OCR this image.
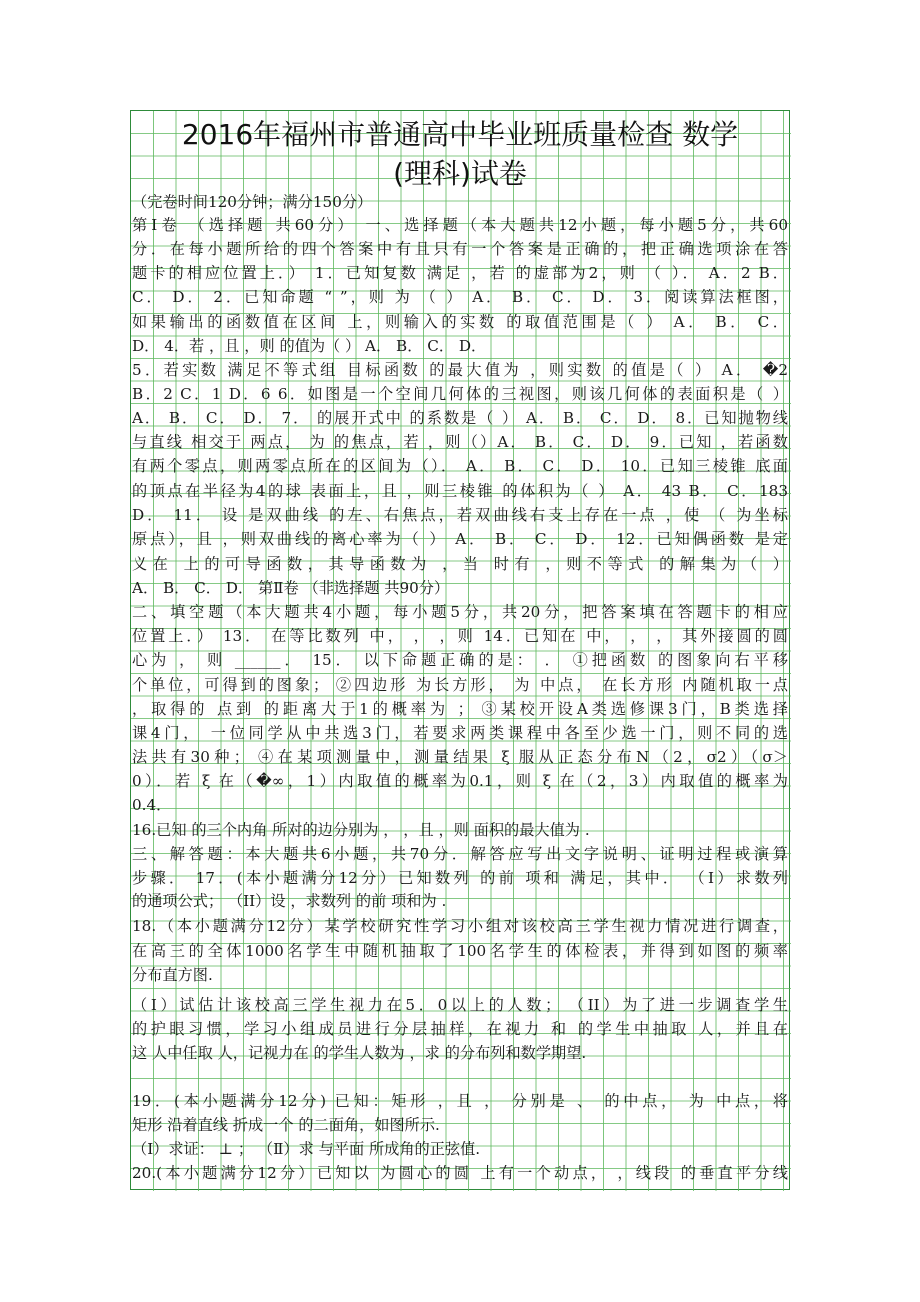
2016年福州市普通高中毕业班质量检查 数学
(理科)试卷
（完卷时间120分钟；满分150分）
第Ⅰ卷 （选择题 共60分） 一、选择题（本大题共12小题，每小题5分，共60
分．在每小题所给的四个答案中有且只有一个答案是正确的，把正确选项涂在答
题卡的相应位置上．） 1．已知复数 满足 ，若 的虚部为2，则 （ ）． A．2 B．
C． D． 2．已知命题 “ ”，则 为 （ ） A． B． C． D． 3．阅读算法框图，
如果输出的函数值在区间 上，则输入的实数 的取值范围是（ ） A． B． C．
D． 4．若 ，且 ，则 的值为（ ） A． B． C． D．
5．若实数 满足不等式组 目标函数 的最大值为 ，则实数 的值是（ ） A． �2
B．2 C．1 D．6 6．如图是一个空间几何体的三视图，则该几何体的表面积是（ ）
A． B． C． D． 7． 的展开式中 的系数是（ ） A． B． C． D． 8．已知抛物线
与直线 相交于 两点， 为 的焦点，若 ，则（）A． B． C． D． 9．已知 ，若函数
有两个零点，则两零点所在的区间为（）． A． B． C． D． 10．已知三棱锥 底面
的顶点在半径为4的球 表面上，且 ，则三棱锥 的体积为（ ） A． 43 B． C．183
D． 11． 设 是双曲线 的左、右焦点，若双曲线右支上存在一点 ，使 （ 为坐标
原点），且 ，则双曲线的离心率为（ ） A． B． C． D． 12．已知偶函数 是定
义在 上的可导函数，其导函数为 ，当 时有 ，则不等式 的解集为（ ）
A． B． C． D． 第Ⅱ卷 （非选择题 共90分）
二、填空题（本大题共4小题，每小题5分，共20分，把答案填在答题卡的相应
位置上．） 13． 在等比数列 中， ， ，则 14．已知在 中， ， ， 其外接圆的圆
心为 ， 则 ______． 15． 以下命题正确的是： ． ①把函数 的图象向右平移
个单位，可得到的图象； ②四边形 为长方形， 为 中点， 在长方形 内随机取一点
，取得的 点到 的距离大于1的概率为 ； ③某校开设A类选修课3门，B类选择
课4门， 一位同学从中共选3门，若要求两类课程中各至少选一门，则不同的选
法共有30种； ④在某项测量中，测量结果 ξ 服从正态分布N（2，σ2）（σ＞
0）．若 ξ 在（�∞，1）内取值的概率为0.1，则 ξ 在（2，3）内取值的概率为
0.4．
16.已知 的三个内角 所对的边分别为 ， ，且 ，则 面积的最大值为 .
三、解答题：本大题共6小题，共70分．解答应写出文字说明、证明过程或演算
步骤． 17．(本小题满分12分）已知数列 的前 项和 满足，其中． （Ⅰ）求数列
的通项公式； （II）设 ，求数列 的前 项和为 .
18.（本小题满分12分）某学校研究性学习小组对该校高三学生视力情况进行调查，
在高三的全体1000名学生中随机抽取了100名学生的体检表，并得到如图的频率
分布直方图.
（I）试估计该校高三学生视力在5．0以上的人数； （II）为了进一步调查学生
的护眼习惯，学习小组成员进行分层抽样，在视力 和 的学生中抽取 人，并且在
这 人中任取 人，记视力在 的学生人数为 ，求 的分布列和数学期望.
19．(本小题满分12分) 已知：矩形 ，且 ， 分别是 、 的中点， 为 中点，将
矩形 沿着直线 折成一个 的二面角，如图所示.
（Ⅰ）求证： ⊥ ； （Ⅱ）求 与平面 所成角的正弦值.
20.(本小题满分12分）已知以 为圆心的圆 上有一个动点， ，线段 的垂直平分线
